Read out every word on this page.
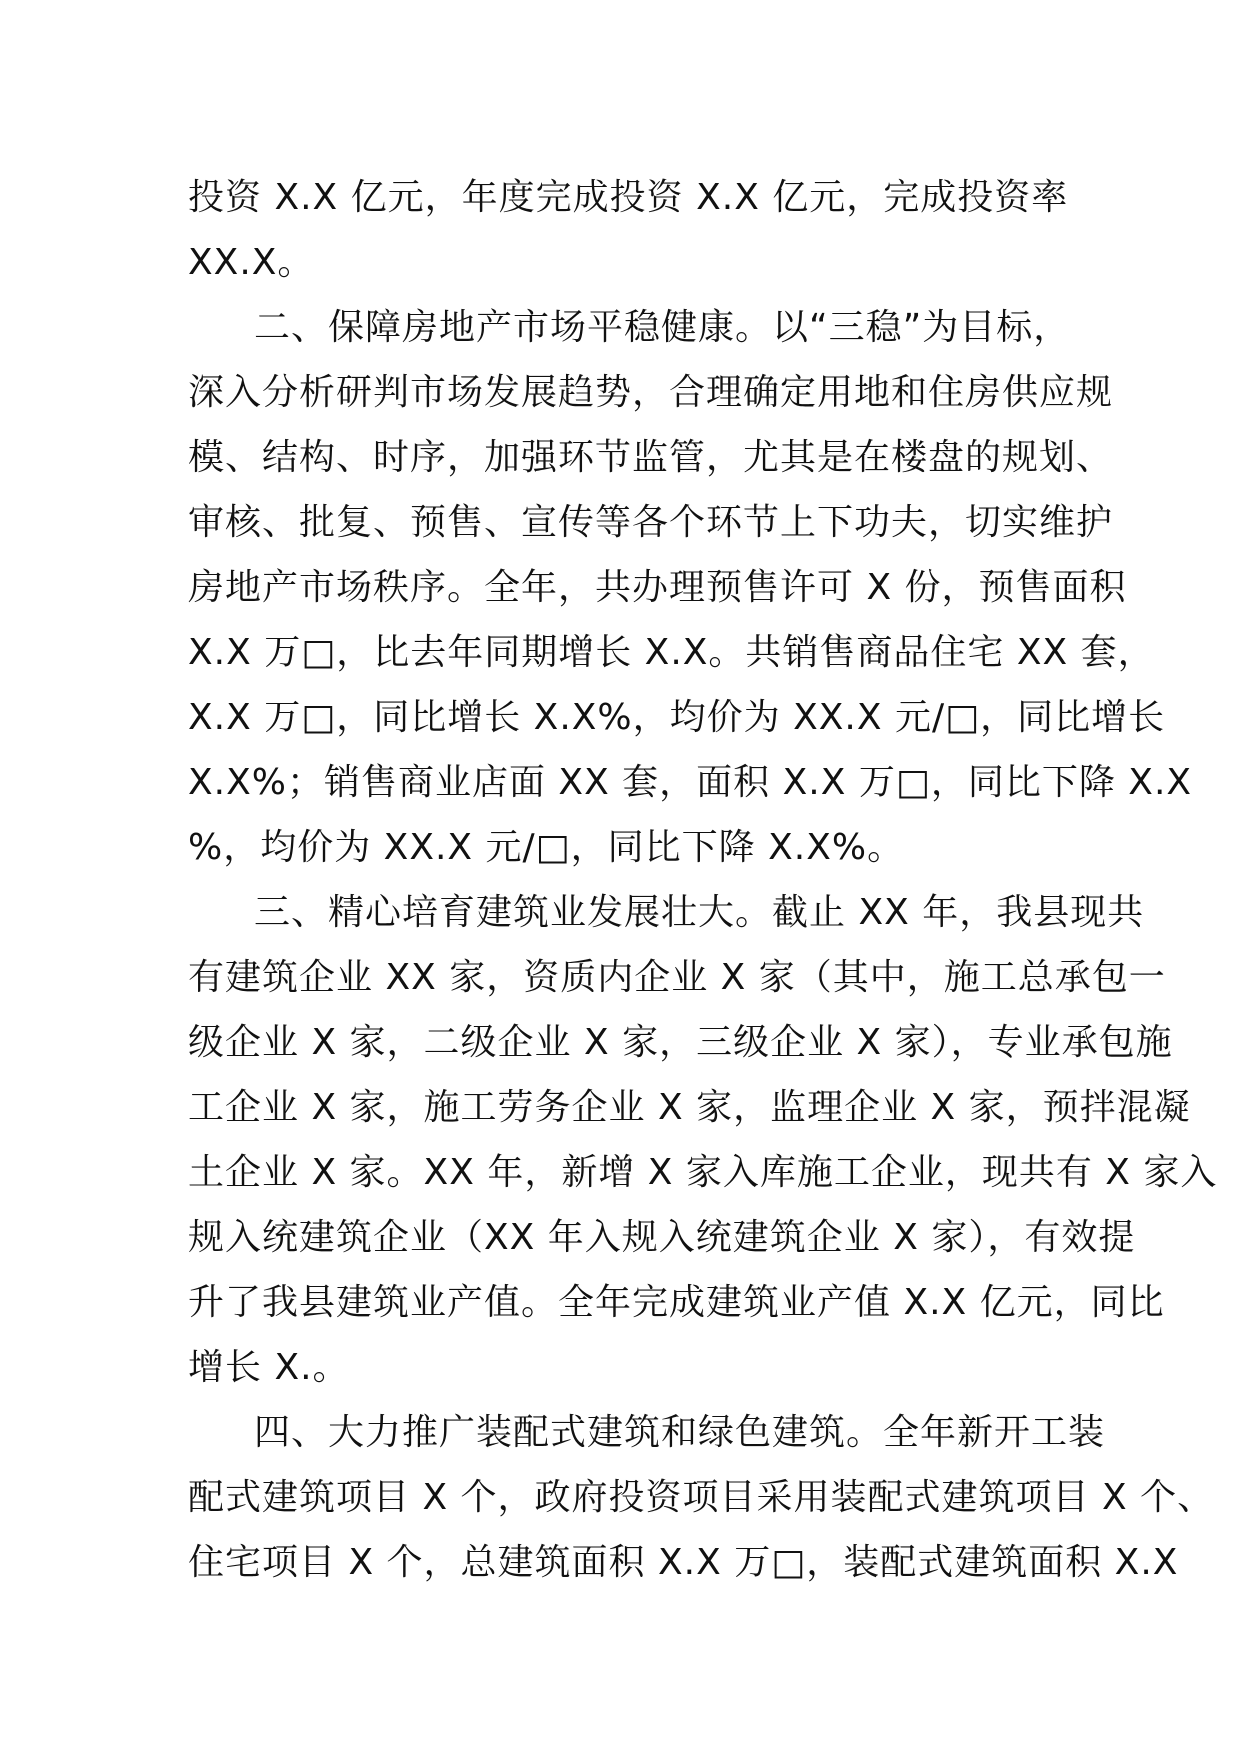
投资 X.X 亿元，年度完成投资 X.X 亿元，完成投资率
XX.X。
二、保障房地产市场平稳健康。以“三稳”为目标，
深入分析研判市场发展趋势，合理确定用地和住房供应规
模、结构、时序，加强环节监管，尤其是在楼盘的规划、
审核、批复、预售、宣传等各个环节上下功夫，切实维护
房地产市场秩序。全年，共办理预售许可 X 份，预售面积
X.X 万□，比去年同期增长 X.X。共销售商品住宅 XX 套，
X.X 万□，同比增长 X.X%，均价为 XX.X 元/□，同比增长
X.X%；销售商业店面 XX 套，面积 X.X 万□，同比下降 X.X
%，均价为 XX.X 元/□，同比下降 X.X%。
三、精心培育建筑业发展壮大。截止 XX 年，我县现共
有建筑企业 XX 家，资质内企业 X 家（其中，施工总承包一
级企业 X 家，二级企业 X 家，三级企业 X 家），专业承包施
工企业 X 家，施工劳务企业 X 家，监理企业 X 家，预拌混凝
土企业 X 家。XX 年，新增 X 家入库施工企业，现共有 X 家入
规入统建筑企业（XX 年入规入统建筑企业 X 家），有效提
升了我县建筑业产值。全年完成建筑业产值 X.X 亿元，同比
增长 X.。
四、大力推广装配式建筑和绿色建筑。全年新开工装
配式建筑项目 X 个，政府投资项目采用装配式建筑项目 X 个、
住宅项目 X 个，总建筑面积 X.X 万□，装配式建筑面积 X.X
